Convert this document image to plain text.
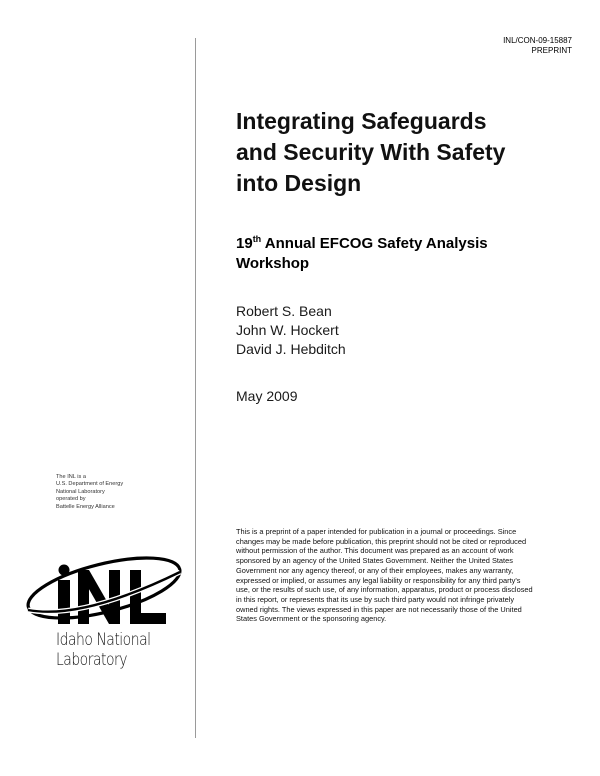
INL/CON-09-15887
PREPRINT
Integrating Safeguards
and Security With Safety
into Design
19th Annual EFCOG Safety Analysis
Workshop
Robert S. Bean
John W. Hockert
David J. Hebditch
May 2009
This is a preprint of a paper intended for publication in a journal or proceedings. Since changes may be made before publication, this preprint should not be cited or reproduced without permission of the author. This document was prepared as an account of work sponsored by an agency of the United States Government. Neither the United States Government nor any agency thereof, or any of their employees, makes any warranty, expressed or implied, or assumes any legal liability or responsibility for any third party's use, or the results of such use, of any information, apparatus, product or process disclosed in this report, or represents that its use by such third party would not infringe privately owned rights. The views expressed in this paper are not necessarily those of the United States Government or the sponsoring agency.
The INL is a
U.S. Department of Energy
National Laboratory
operated by
Battelle Energy Alliance
Idaho National
Laboratory
